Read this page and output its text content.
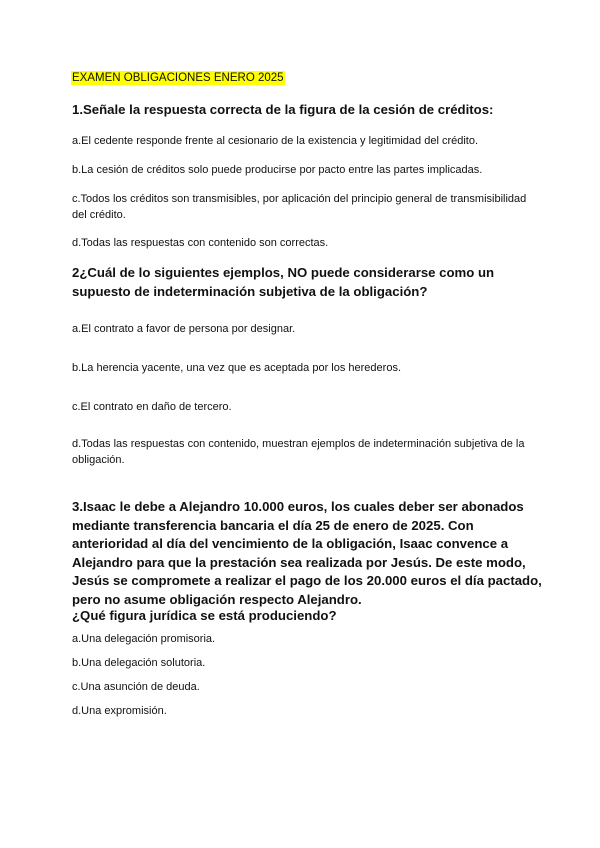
EXAMEN OBLIGACIONES ENERO 2025
1.Señale la respuesta correcta de la figura de la cesión de créditos:
a.El cedente responde frente al cesionario de la existencia y legitimidad del crédito.
b.La cesión de créditos solo puede producirse por pacto entre las partes implicadas.
c.Todos los créditos son transmisibles, por aplicación del principio general de transmisibilidad del crédito.
d.Todas las respuestas con contenido son correctas.
2¿Cuál de lo siguientes ejemplos, NO puede considerarse como un supuesto de indeterminación subjetiva de la obligación?
a.El contrato a favor de persona por designar.
b.La herencia yacente, una vez que es aceptada por los herederos.
c.El contrato en daño de tercero.
d.Todas las respuestas con contenido, muestran ejemplos de indeterminación subjetiva de la obligación.
3.Isaac le debe a Alejandro 10.000 euros, los cuales deber ser abonados mediante transferencia bancaria el día 25 de enero de 2025. Con anterioridad al día del vencimiento de la obligación, Isaac convence a Alejandro para que la prestación sea realizada por Jesús. De este modo, Jesús se compromete a realizar el pago de los 20.000 euros el día pactado, pero no asume obligación respecto Alejandro.
¿Qué figura jurídica se está produciendo?
a.Una delegación promisoria.
b.Una delegación solutoria.
c.Una asunción de deuda.
d.Una expromisión.
